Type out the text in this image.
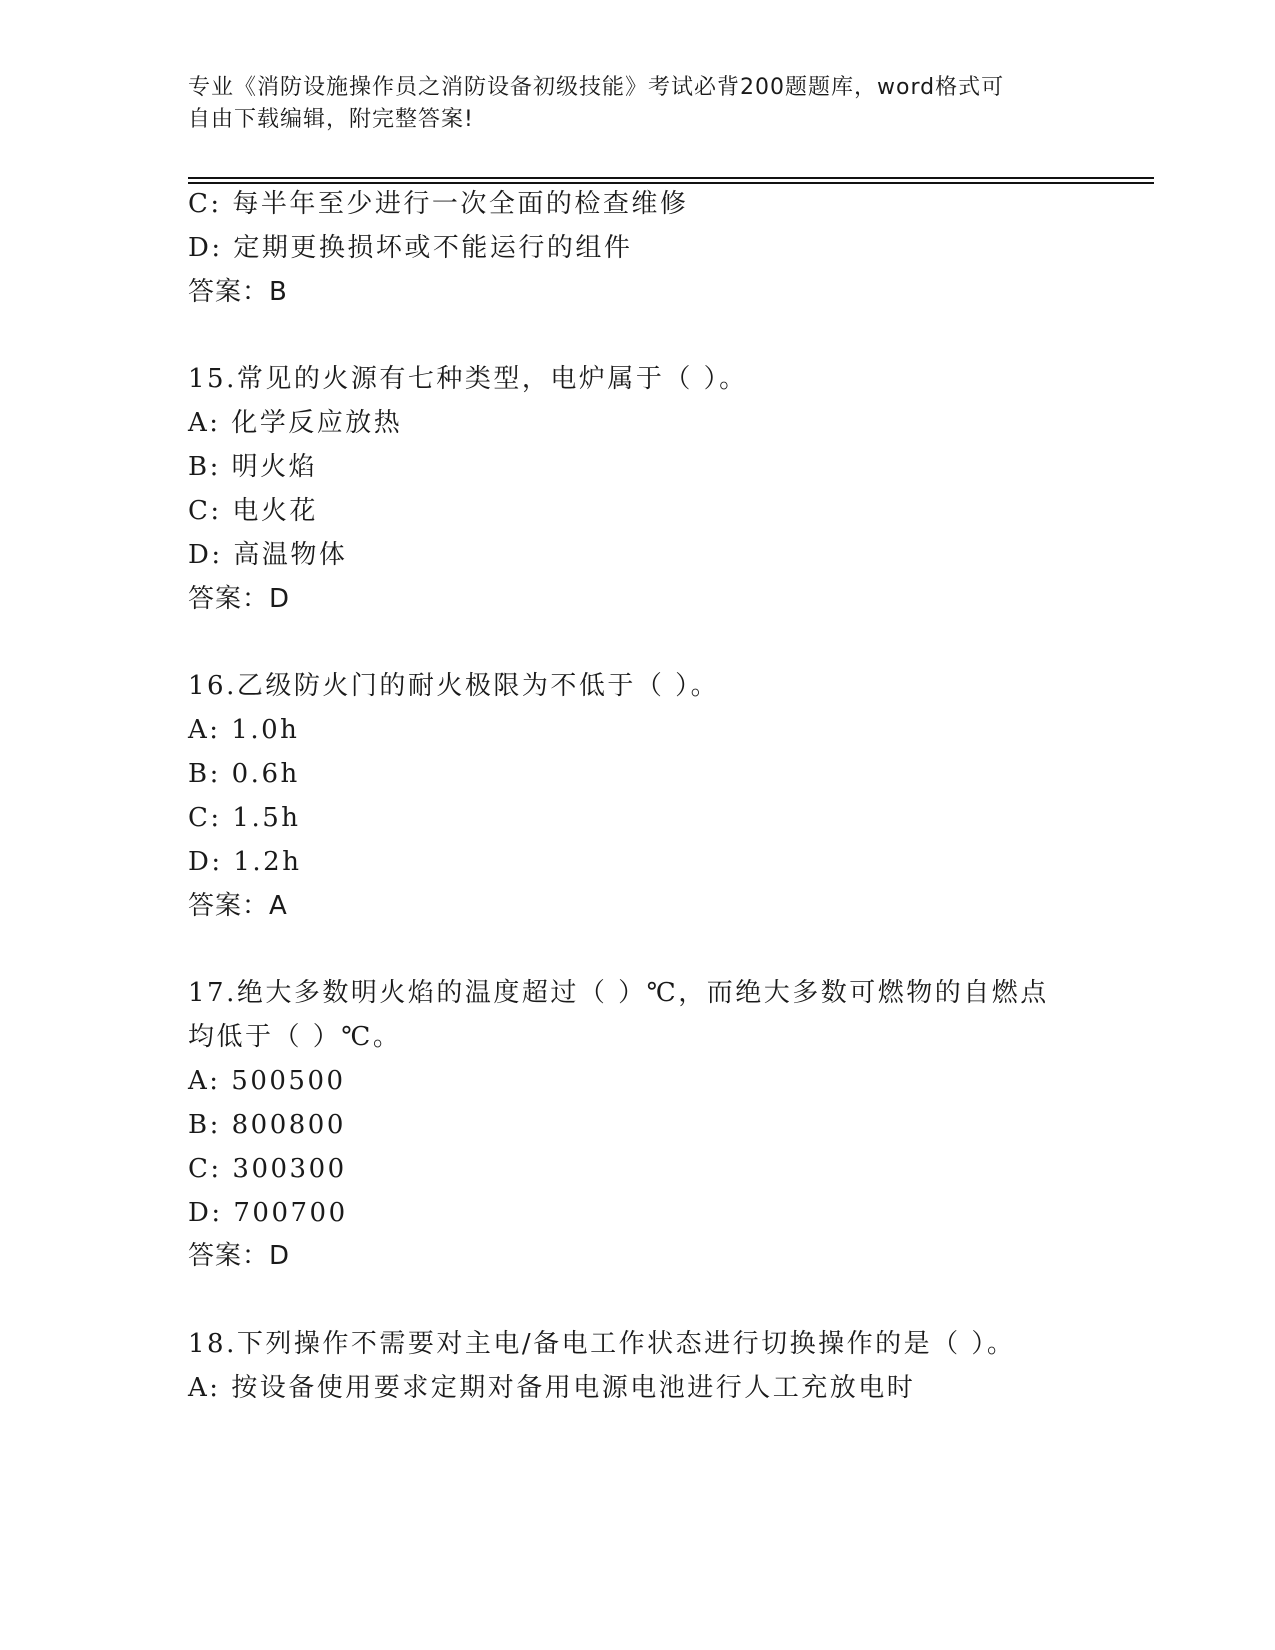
专业《消防设施操作员之消防设备初级技能》考试必背200题题库，word格式可
自由下载编辑，附完整答案!
C: 每半年至少进行一次全面的检查维修
D: 定期更换损坏或不能运行的组件
答案：B
15.常见的火源有七种类型，电炉属于（ ）。
A: 化学反应放热
B: 明火焰
C: 电火花
D: 高温物体
答案：D
16.乙级防火门的耐火极限为不低于（ ）。
A: 1.0h
B: 0.6h
C: 1.5h
D: 1.2h
答案：A
17.绝大多数明火焰的温度超过（ ）℃，而绝大多数可燃物的自燃点
均低于（ ）℃。
A: 500500
B: 800800
C: 300300
D: 700700
答案：D
18.下列操作不需要对主电/备电工作状态进行切换操作的是（ ）。
A: 按设备使用要求定期对备用电源电池进行人工充放电时
